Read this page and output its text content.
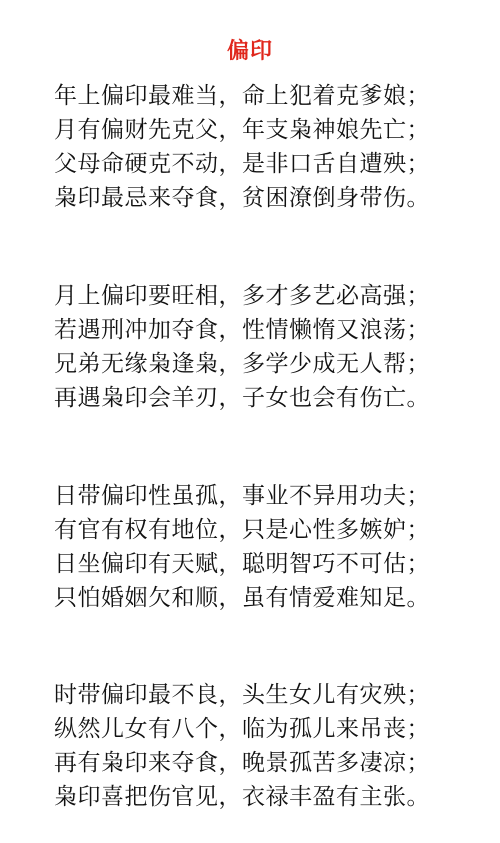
偏印
年上偏印最难当，命上犯着克爹娘；
月有偏财先克父，年支枭神娘先亡；
父母命硬克不动，是非口舌自遭殃；
枭印最忌来夺食，贫困潦倒身带伤。
月上偏印要旺相，多才多艺必高强；
若遇刑冲加夺食，性情懒惰又浪荡；
兄弟无缘枭逢枭，多学少成无人帮；
再遇枭印会羊刃，子女也会有伤亡。
日带偏印性虽孤，事业不异用功夫；
有官有权有地位，只是心性多嫉妒；
日坐偏印有天赋，聪明智巧不可估；
只怕婚姻欠和顺，虽有情爱难知足。
时带偏印最不良，头生女儿有灾殃；
纵然儿女有八个，临为孤儿来吊丧；
再有枭印来夺食，晚景孤苦多凄凉；
枭印喜把伤官见，衣禄丰盈有主张。
